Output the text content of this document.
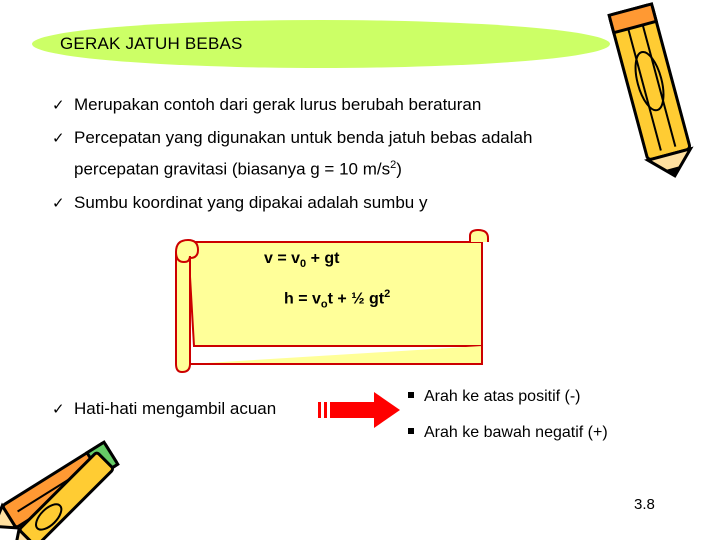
GERAK JATUH BEBAS
✓ Merupakan contoh dari gerak lurus berubah beraturan
✓ Percepatan yang digunakan untuk benda jatuh bebas adalah
percepatan gravitasi (biasanya g = 10 $m/s^2$)
✓ Sumbu koordinat yang dipakai adalah sumbu y
$v = v_0$ + gt
$h = v_ot$ + ½ $gt^2$
✓ Hati-hati mengambil acuan
Arah ke atas positif (-)
Arah ke bawah negatif (+)
3.8
